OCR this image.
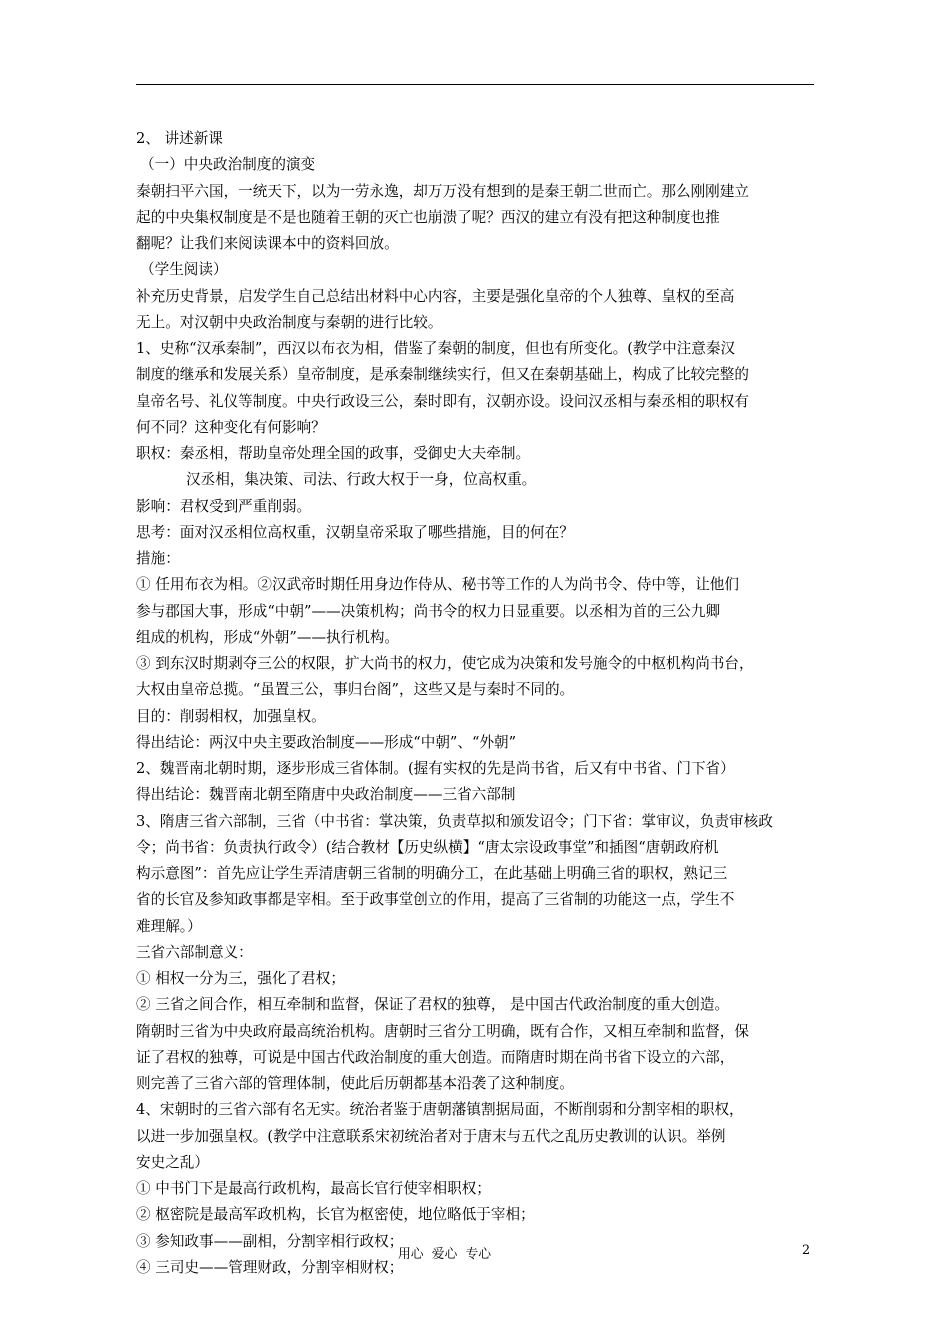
2、 讲述新课
（一）中央政治制度的演变
秦朝扫平六国，一统天下，以为一劳永逸，却万万没有想到的是秦王朝二世而亡。那么刚刚建立
起的中央集权制度是不是也随着王朝的灭亡也崩溃了呢？西汉的建立有没有把这种制度也推
翻呢？让我们来阅读课本中的资料回放。
（学生阅读）
补充历史背景，启发学生自己总结出材料中心内容，主要是强化皇帝的个人独尊、皇权的至高
无上。对汉朝中央政治制度与秦朝的进行比较。
1、史称“汉承秦制”，西汉以布衣为相，借鉴了秦朝的制度，但也有所变化。(教学中注意秦汉
制度的继承和发展关系）皇帝制度，是承秦制继续实行，但又在秦朝基础上，构成了比较完整的
皇帝名号、礼仪等制度。中央行政设三公，秦时即有，汉朝亦设。设问汉丞相与秦丞相的职权有
何不同？这种变化有何影响？
职权：秦丞相，帮助皇帝处理全国的政事，受御史大夫牵制。
汉丞相，集决策、司法、行政大权于一身，位高权重。
影响：君权受到严重削弱。
思考：面对汉丞相位高权重，汉朝皇帝采取了哪些措施，目的何在？
措施：
① 任用布衣为相。②汉武帝时期任用身边作侍从、秘书等工作的人为尚书令、侍中等，让他们
参与郡国大事，形成“中朝”——决策机构；尚书令的权力日显重要。以丞相为首的三公九卿
组成的机构，形成“外朝”——执行机构。
③ 到东汉时期剥夺三公的权限，扩大尚书的权力，使它成为决策和发号施令的中枢机构尚书台，
大权由皇帝总揽。“虽置三公，事归台阁”，这些又是与秦时不同的。
目的：削弱相权，加强皇权。
得出结论：两汉中央主要政治制度——形成“中朝”、“外朝”
2、魏晋南北朝时期，逐步形成三省体制。(握有实权的先是尚书省，后又有中书省、门下省）
得出结论：魏晋南北朝至隋唐中央政治制度——三省六部制
3、隋唐三省六部制，三省（中书省：掌决策，负责草拟和颁发诏令；门下省：掌审议，负责审核政
令；尚书省：负责执行政令）(结合教材【历史纵横】“唐太宗设政事堂”和插图“唐朝政府机
构示意图”：首先应让学生弄清唐朝三省制的明确分工，在此基础上明确三省的职权，熟记三
省的长官及参知政事都是宰相。至于政事堂创立的作用，提高了三省制的功能这一点，学生不
难理解。）
三省六部制意义：
① 相权一分为三，强化了君权；
② 三省之间合作，相互牵制和监督，保证了君权的独尊， 是中国古代政治制度的重大创造。
隋朝时三省为中央政府最高统治机构。唐朝时三省分工明确，既有合作，又相互牵制和监督，保
证了君权的独尊，可说是中国古代政治制度的重大创造。而隋唐时期在尚书省下设立的六部，
则完善了三省六部的管理体制，使此后历朝都基本沿袭了这种制度。
4、宋朝时的三省六部有名无实。统治者鉴于唐朝藩镇割据局面，不断削弱和分割宰相的职权，
以进一步加强皇权。(教学中注意联系宋初统治者对于唐末与五代之乱历史教训的认识。举例
安史之乱）
① 中书门下是最高行政机构，最高长官行使宰相职权；
② 枢密院是最高军政机构，长官为枢密使，地位略低于宰相；
③ 参知政事——副相，分割宰相行政权；
④ 三司史——管理财政，分割宰相财权；
用心  爱心  专心	2
